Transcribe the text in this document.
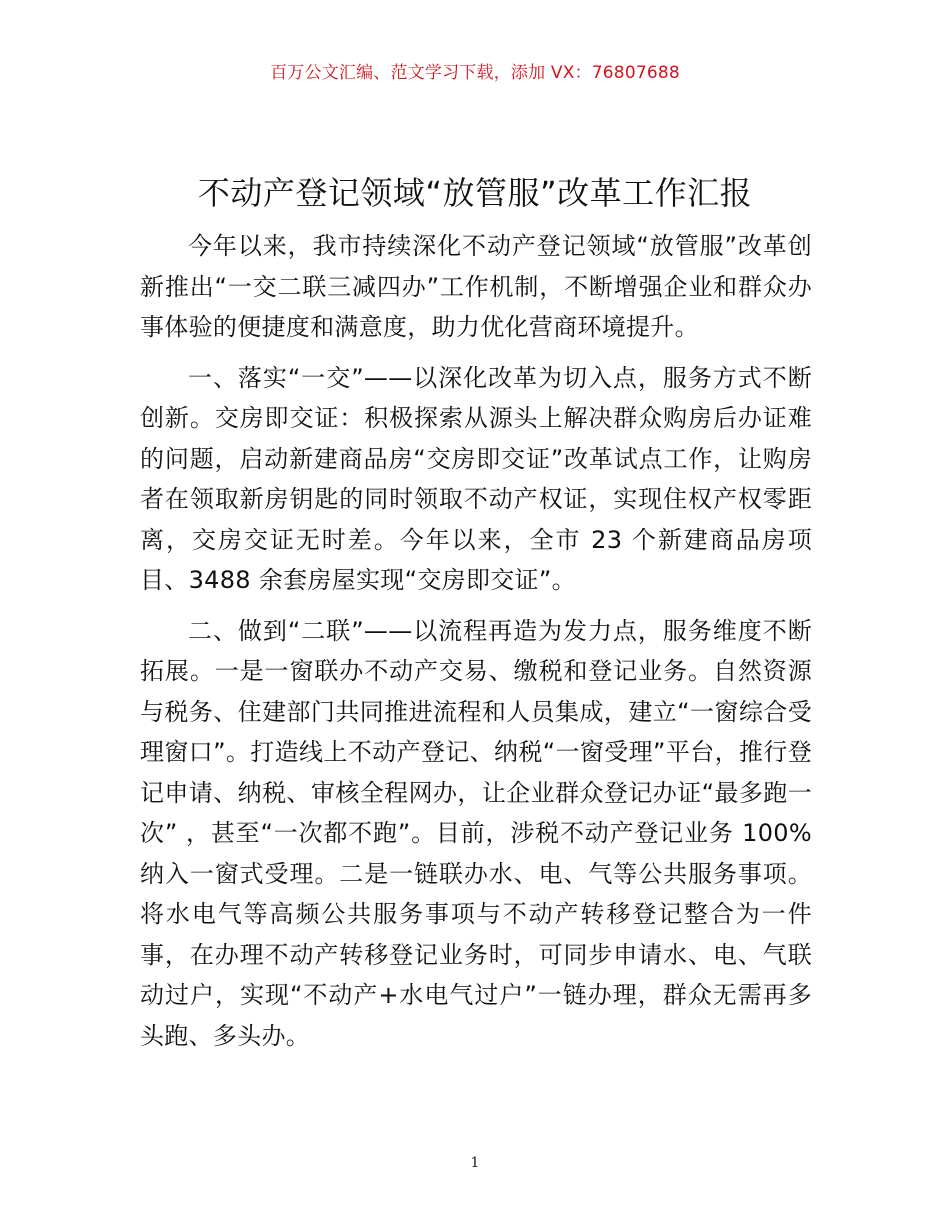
百万公文汇编、范文学习下载，添加 VX：76807688
不动产登记领域“放管服”改革工作汇报

今年以来，我市持续深化不动产登记领域“放管服”改革创新推出“一交二联三减四办”工作机制，不断增强企业和群众办事体验的便捷度和满意度，助力优化营商环境提升。

一、落实“一交”——以深化改革为切入点，服务方式不断创新。交房即交证：积极探索从源头上解决群众购房后办证难的问题，启动新建商品房“交房即交证”改革试点工作，让购房者在领取新房钥匙的同时领取不动产权证，实现住权产权零距离，交房交证无时差。今年以来，全市 23 个新建商品房项目、3488 余套房屋实现“交房即交证”。

二、做到“二联”——以流程再造为发力点，服务维度不断拓展。一是一窗联办不动产交易、缴税和登记业务。自然资源与税务、住建部门共同推进流程和人员集成，建立“一窗综合受理窗口”。打造线上不动产登记、纳税“一窗受理”平台，推行登记申请、纳税、审核全程网办，让企业群众登记办证“最多跑一次” ，甚至“一次都不跑”。目前，涉税不动产登记业务 100%纳入一窗式受理。二是一链联办水、电、气等公共服务事项。将水电气等高频公共服务事项与不动产转移登记整合为一件事，在办理不动产转移登记业务时，可同步申请水、电、气联动过户，实现“不动产+水电气过户”一链办理，群众无需再多头跑、多头办。

1
